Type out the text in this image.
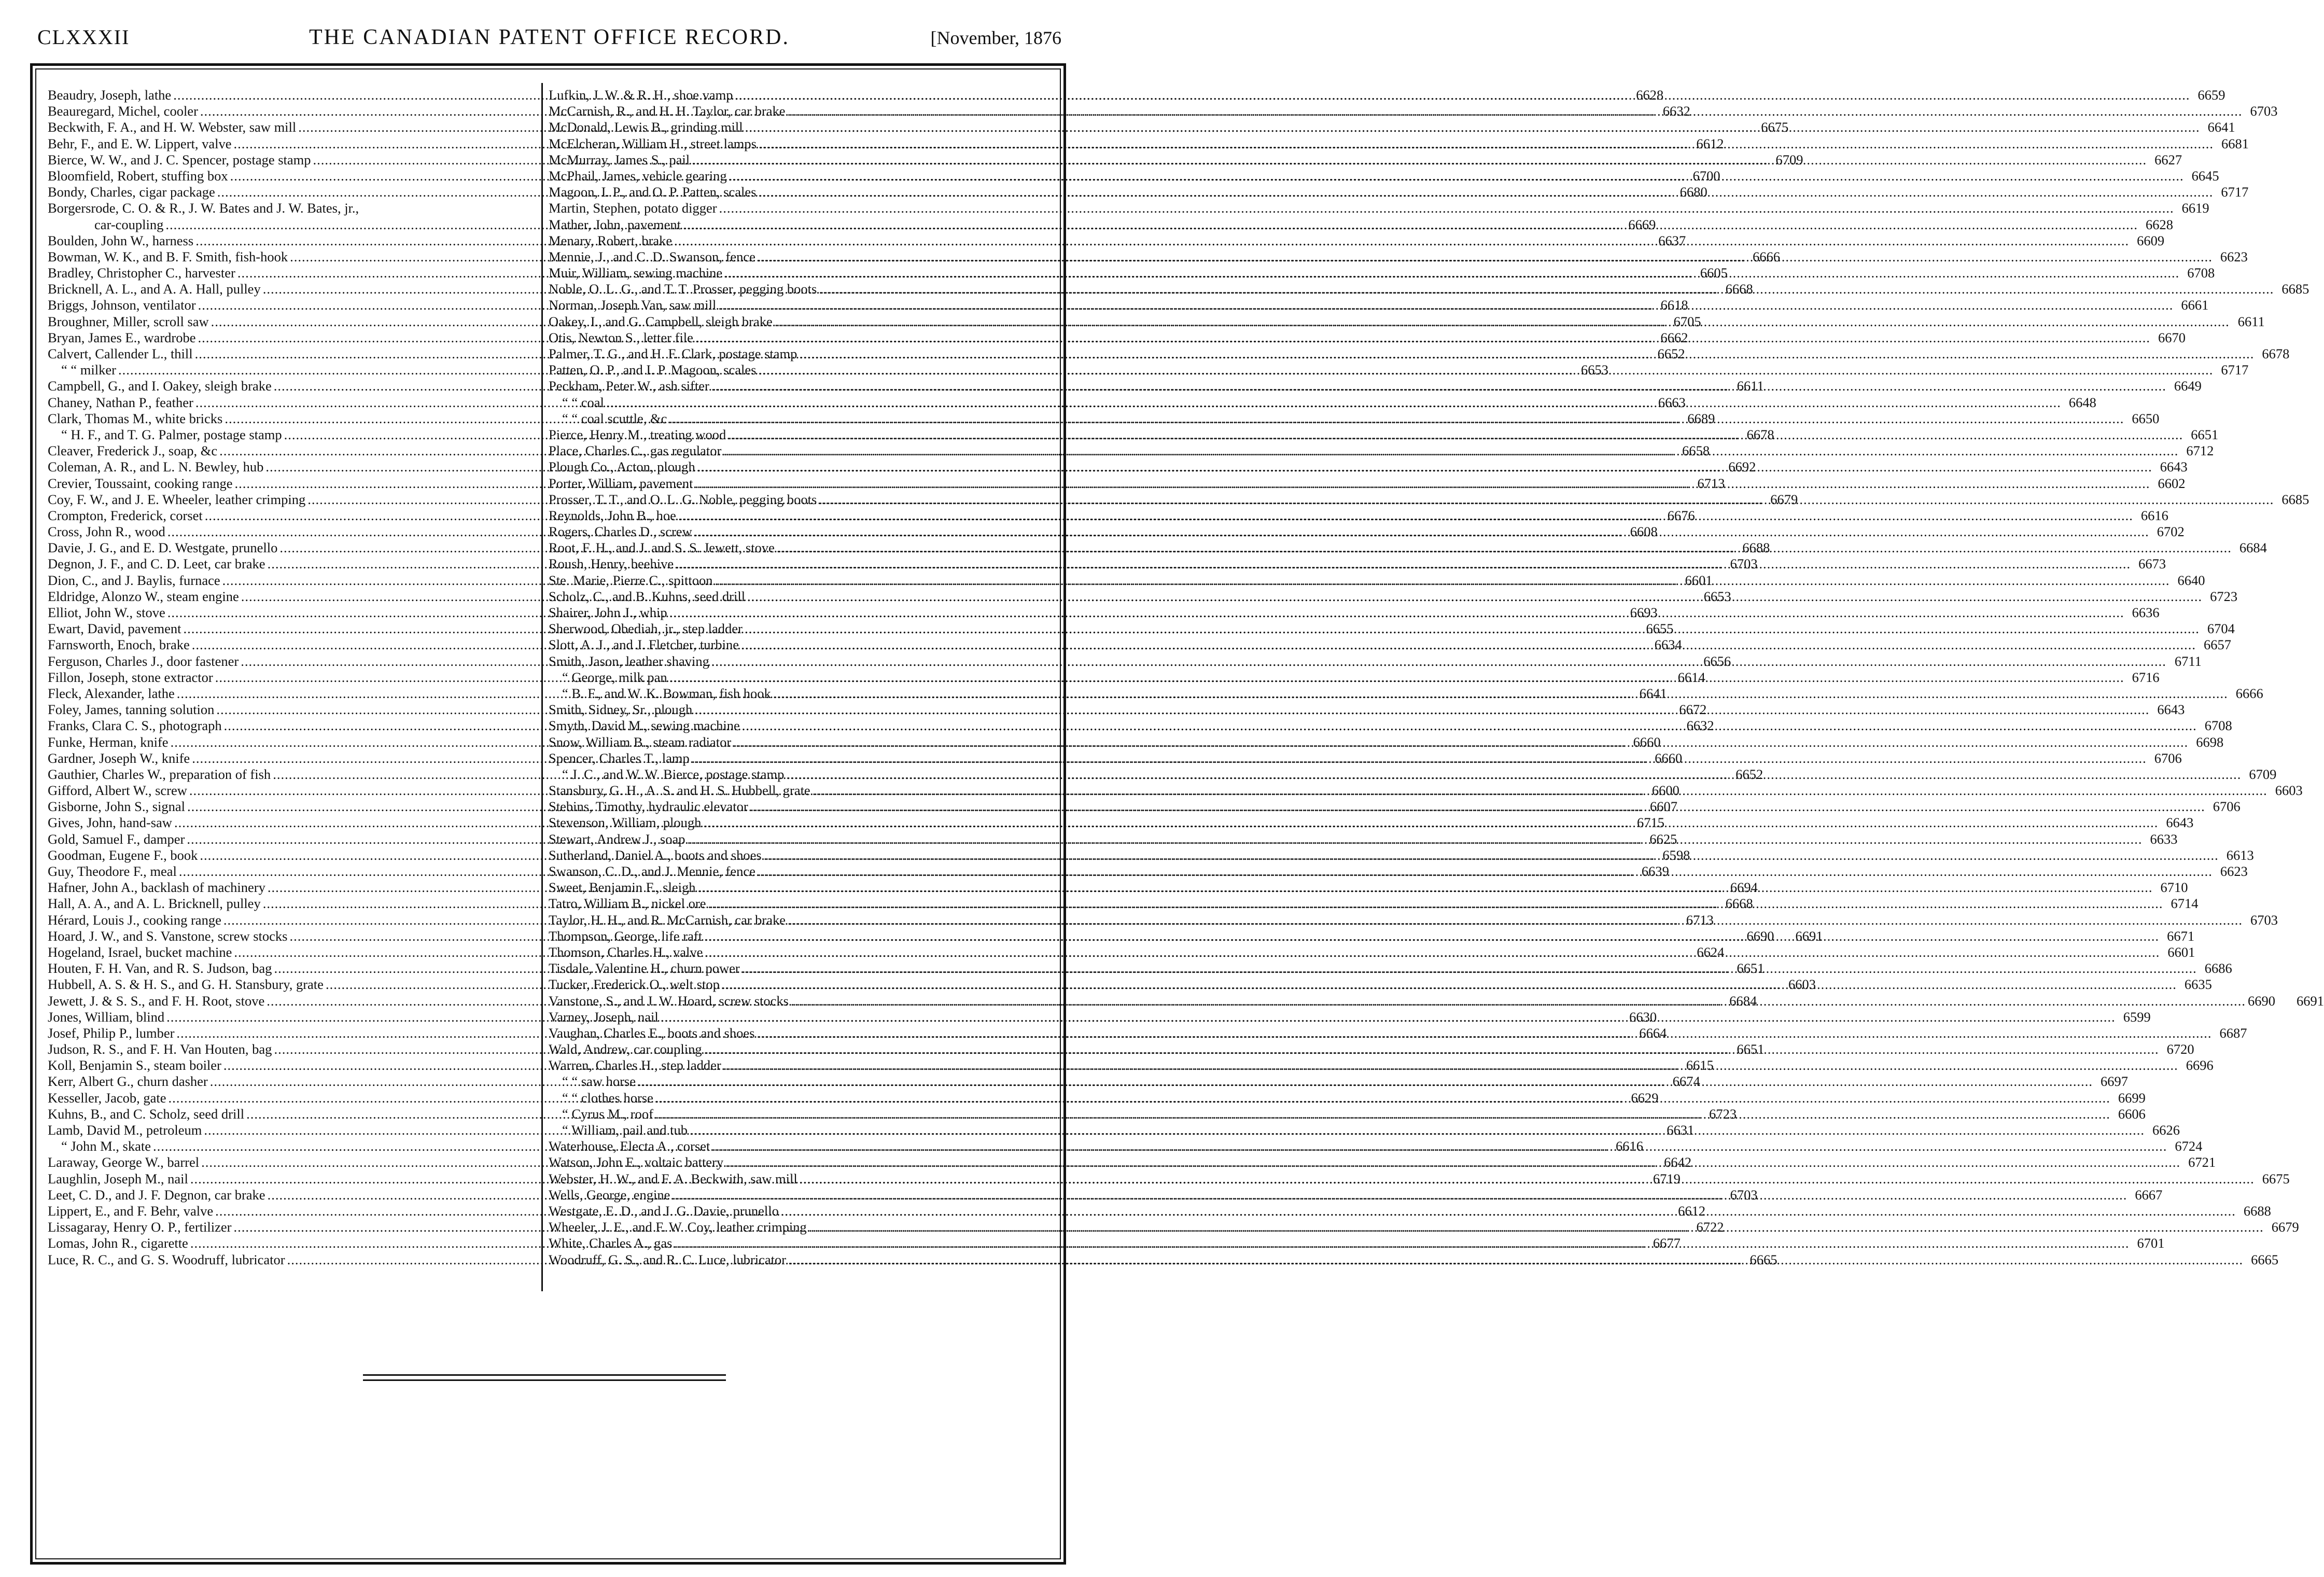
CLXXXII	THE CANADIAN PATENT OFFICE RECORD.	[November, 1876
Beaudry, Joseph, lathe .....	6628
Beauregard, Michel, cooler .....	6632
Beckwith, F. A., and H. W. Webster, saw mill .....	6675
Behr, F., and E. W. Lippert, valve .....	6612
Bierce, W. W., and J. C. Spencer, postage stamp .....	6709
Bloomfield, Robert, stuffing box .....	6700
Bondy, Charles, cigar package .....	6680
Borgersrode, C. O. & R., J. W. Bates and J. W. Bates, jr.,
car-coupling .....	6669
Boulden, John W., harness .....	6637
Bowman, W. K., and B. F. Smith, fish-hook .....	6666
Bradley, Christopher C., harvester .....	6605
Bricknell, A. L., and A. A. Hall, pulley .....	6668
Briggs, Johnson, ventilator .....	6618
Broughner, Miller, scroll saw .....	6705
Bryan, James E., wardrobe .....	6662
Calvert, Callender L., thill .....	6652
“ “ milker .....	6653
Campbell, G., and I. Oakey, sleigh brake .....	6611
Chaney, Nathan P., feather .....	6663
Clark, Thomas M., white bricks .....	6689
“ H. F., and T. G. Palmer, postage stamp .....	6678
Cleaver, Frederick J., soap, &c .....	6658
Coleman, A. R., and L. N. Bewley, hub .....	6692
Crevier, Toussaint, cooking range .....	6713
Coy, F. W., and J. E. Wheeler, leather crimping .....	6679
Crompton, Frederick, corset .....	6676
Cross, John R., wood .....	6608
Davie, J. G., and E. D. Westgate, prunello .....	6688
Degnon, J. F., and C. D. Leet, car brake .....	6703
Dion, C., and J. Baylis, furnace .....	6601
Eldridge, Alonzo W., steam engine .....	6653
Elliot, John W., stove .....	6693
Ewart, David, pavement .....	6655
Farnsworth, Enoch, brake .....	6634
Ferguson, Charles J., door fastener .....	6656
Fillon, Joseph, stone extractor .....	6614
Fleck, Alexander, lathe .....	6641
Foley, James, tanning solution .....	6672
Franks, Clara C. S., photograph .....	6632
Funke, Herman, knife .....	6660
Gardner, Joseph W., knife .....	6660
Gauthier, Charles W., preparation of fish .....	6652
Gifford, Albert W., screw .....	6600
Gisborne, John S., signal .....	6607
Gives, John, hand-saw .....	6715
Gold, Samuel F., damper .....	6625
Goodman, Eugene F., book .....	6598
Guy, Theodore F., meal .....	6639
Hafner, John A., backlash of machinery .....	6694
Hall, A. A., and A. L. Bricknell, pulley .....	6668
Hérard, Louis J., cooking range .....	6713
Hoard, J. W., and S. Vanstone, screw stocks .....	6690	6691
Hogeland, Israel, bucket machine .....	6624
Houten, F. H. Van, and R. S. Judson, bag .....	6651
Hubbell, A. S. & H. S., and G. H. Stansbury, grate .....	6603
Jewett, J. & S. S., and F. H. Root, stove .....	6684
Jones, William, blind .....	6630
Josef, Philip P., lumber .....	6664
Judson, R. S., and F. H. Van Houten, bag .....	6651
Koll, Benjamin S., steam boiler .....	6615
Kerr, Albert G., churn dasher .....	6674
Kesseller, Jacob, gate .....	6629
Kuhns, B., and C. Scholz, seed drill .....	6723
Lamb, David M., petroleum .....	6631
“ John M., skate .....	6616
Laraway, George W., barrel .....	6642
Laughlin, Joseph M., nail .....	6719
Leet, C. D., and J. F. Degnon, car brake .....	6703
Lippert, E., and F. Behr, valve .....	6612
Lissagaray, Henry O. P., fertilizer .....	6722
Lomas, John R., cigarette .....	6677
Luce, R. C., and G. S. Woodruff, lubricator .....	6665
Lufkin, J. W. & R. H., shoe vamp .....	6659
McCarnish, R., and H. H. Taylor, car brake .....	6703
McDonald, Lewis B., grinding mill .....	6641
McElcheran, William H., street lamps .....	6681
McMurray, James S., pail .....	6627
McPhail, James, vehicle gearing .....	6645
Magoon, I. P., and O. P. Patten, scales .....	6717
Martin, Stephen, potato digger .....	6619
Mather, John, pavement .....	6628
Menary, Robert, brake .....	6609
Mennie, J., and C. D. Swanson, fence .....	6623
Muir, William, sewing machine .....	6708
Noble, O. L. G., and T. T. Prosser, pegging boots .....	6685
Norman, Joseph Van, saw mill .....	6661
Oakey, I., and G. Campbell, sleigh brake .....	6611
Otis, Newton S., letter file .....	6670
Palmer, T. G., and H. F. Clark, postage stamp .....	6678
Patten, O. P., and I. P. Magoon, scales .....	6717
Peckham, Peter W., ash sifter .....	6649
“ “ coal .....	6648
“ “ coal scuttle, &c .....	6650
Pierce, Henry M., treating wood .....	6651
Place, Charles C., gas regulator .....	6712
Plough Co., Acton, plough .....	6643
Porter, William, pavement .....	6602
Prosser, T. T., and O. L. G. Noble, pegging boots .....	6685
Reynolds, John B., hoe .....	6616
Rogers, Charles D., screw .....	6702
Root, F. H., and J. and S. S. Jewett, stove .....	6684
Roush, Henry, beehive .....	6673
Ste. Marie, Pierre C., spittoon .....	6640
Scholz, C., and B. Kuhns, seed drill .....	6723
Shairer, John J., whip .....	6636
Sherwood, Obediah, jr., step ladder .....	6704
Slott, A. J., and J. Fletcher, turbine .....	6657
Smith, Jason, leather shaving .....	6711
“ George, milk pan .....	6716
“ B. F., and W. K. Bowman, fish hook .....	6666
Smith, Sidney, Sr., plough .....	6643
Smyth, David M., sewing machine .....	6708
Snow, William B., steam radiator .....	6698
Spencer, Charles T., lamp .....	6706
“ J. C., and W. W. Bierce, postage stamp .....	6709
Stansbury, G. H., A. S. and H. S. Hubbell, grate .....	6603
Stebins, Timothy, hydraulic elevator .....	6706
Stevenson, William, plough .....	6643
Stewart, Andrew J., soap .....	6633
Sutherland, Daniel A., boots and shoes .....	6613
Swanson, C. D., and J. Mennie, fence .....	6623
Sweet, Benjamin F., sleigh .....	6710
Tatro, William B., nickel ore .....	6714
Taylor, H. H., and R. McCarnish, car brake .....	6703
Thompson, George, life raft .....	6671
Thomson, Charles H., valve .....	6601
Tisdale, Valentine H., churn power .....	6686
Tucker, Frederick O., welt stop .....	6635
Vanstone, S., and J. W. Hoard, screw stocks .....	6690	6691
Varney, Joseph, nail .....	6599
Vaughan, Charles E., boots and shoes .....	6687
Wald, Andrew, car coupling .....	6720
Warren, Charles H., step ladder .....	6696
“ “ saw horse .....	6697
“ “ clothes horse .....	6699
“ Cyrus M., roof .....	6606
“ William, pail and tub .....	6626
Waterhouse, Electa A., corset .....	6724
Watson, John E., voltaic battery .....	6721
Webster, H. W., and F. A. Beckwith, saw mill .....	6675
Wells, George, engine .....	6667
Westgate, E. D., and J. G. Davie, prunello .....	6688
Wheeler, J. E., and F. W. Coy, leather crimping .....	6679
White, Charles A., gas .....	6701
Woodruff, G. S., and R. C. Luce, lubricator .....	6665
